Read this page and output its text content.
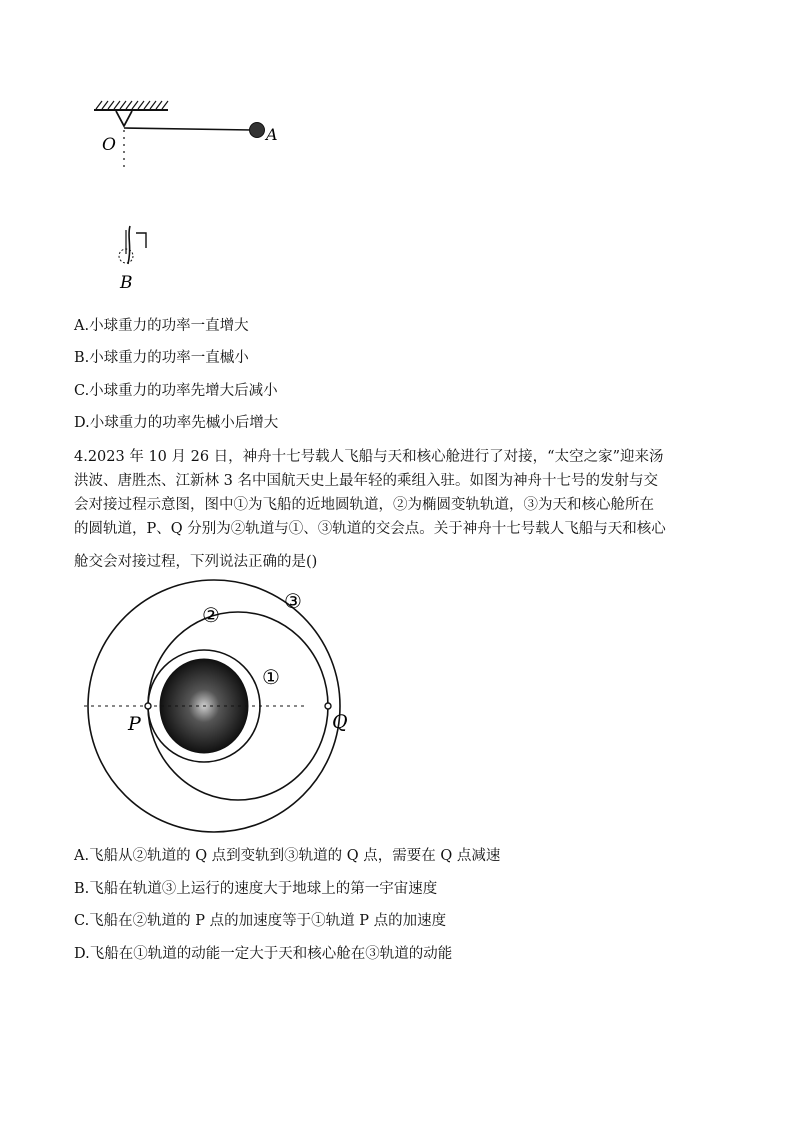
A
O
B
A.小球重力的功率一直增大
B.小球重力的功率一直槭小
C.小球重力的功率先增大后减小
D.小球重力的功率先槭小后增大

4.2023 年 10 月 26 日，神舟十七号载人飞船与天和核心舱进行了对接，“太空之家”迎来汤

洪波、唐胜杰、江新林 3 名中国航天史上最年轻的乘组入驻。如图为神舟十七号的发射与交

会对接过程示意图，图中①为飞船的近地圆轨道，②为椭圆变轨轨道，③为天和核心舱所在

的圆轨道，P、Q 分别为②轨道与①、③轨道的交会点。关于神舟十七号载人飞船与天和核心

舱交会对接过程，下列说法正确的是()

P	Q
②
③
①
A.飞船从②轨道的 Q 点到变轨到③轨道的 Q 点，需要在 Q 点减速
B.飞船在轨道③上运行的速度大于地球上的第一宇宙速度
C.飞船在②轨道的 P 点的加速度等于①轨道 P 点的加速度
D.飞船在①轨道的动能一定大于天和核心舱在③轨道的动能
